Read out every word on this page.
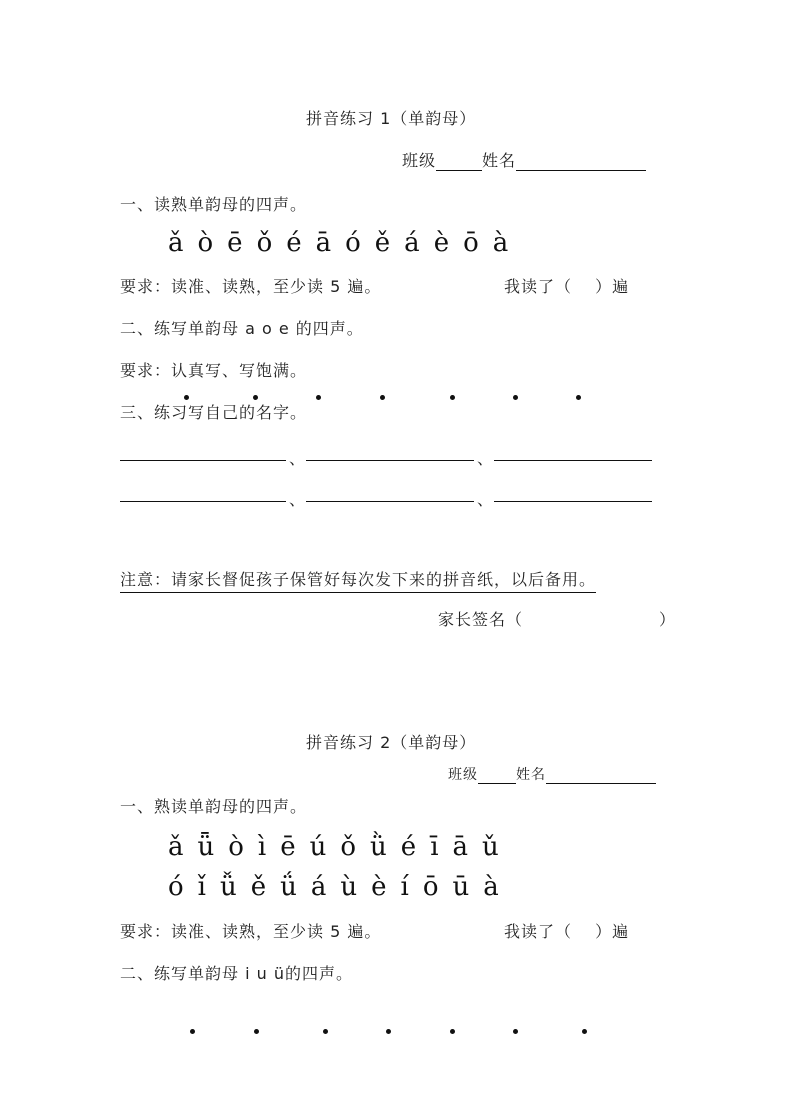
拼音练习 1（单韵母）
班级	姓名
一、读熟单韵母的四声。
ǎ ò ē ǒ é ā ó ě á è ō à
要求：读准、读熟，至少读 5 遍。	我读了（　 ）遍
二、练写单韵母 a o e 的四声。
要求：认真写、写饱满。
三、练习写自己的名字。
、	、
、	、
注意：请家长督促孩子保管好每次发下来的拼音纸，以后备用。
家长签名（　　　　　　　　）
拼音练习 2（单韵母）
班级	姓名
一、熟读单韵母的四声。
ǎ ǖ ò ì ē ú ǒ ǜ é ī ā ǔ
ó ǐ ǚ ě ǘ á ù è í ō ū à
要求：读准、读熟，至少读 5 遍。	我读了（　 ）遍
二、练写单韵母 i u ü的四声。
